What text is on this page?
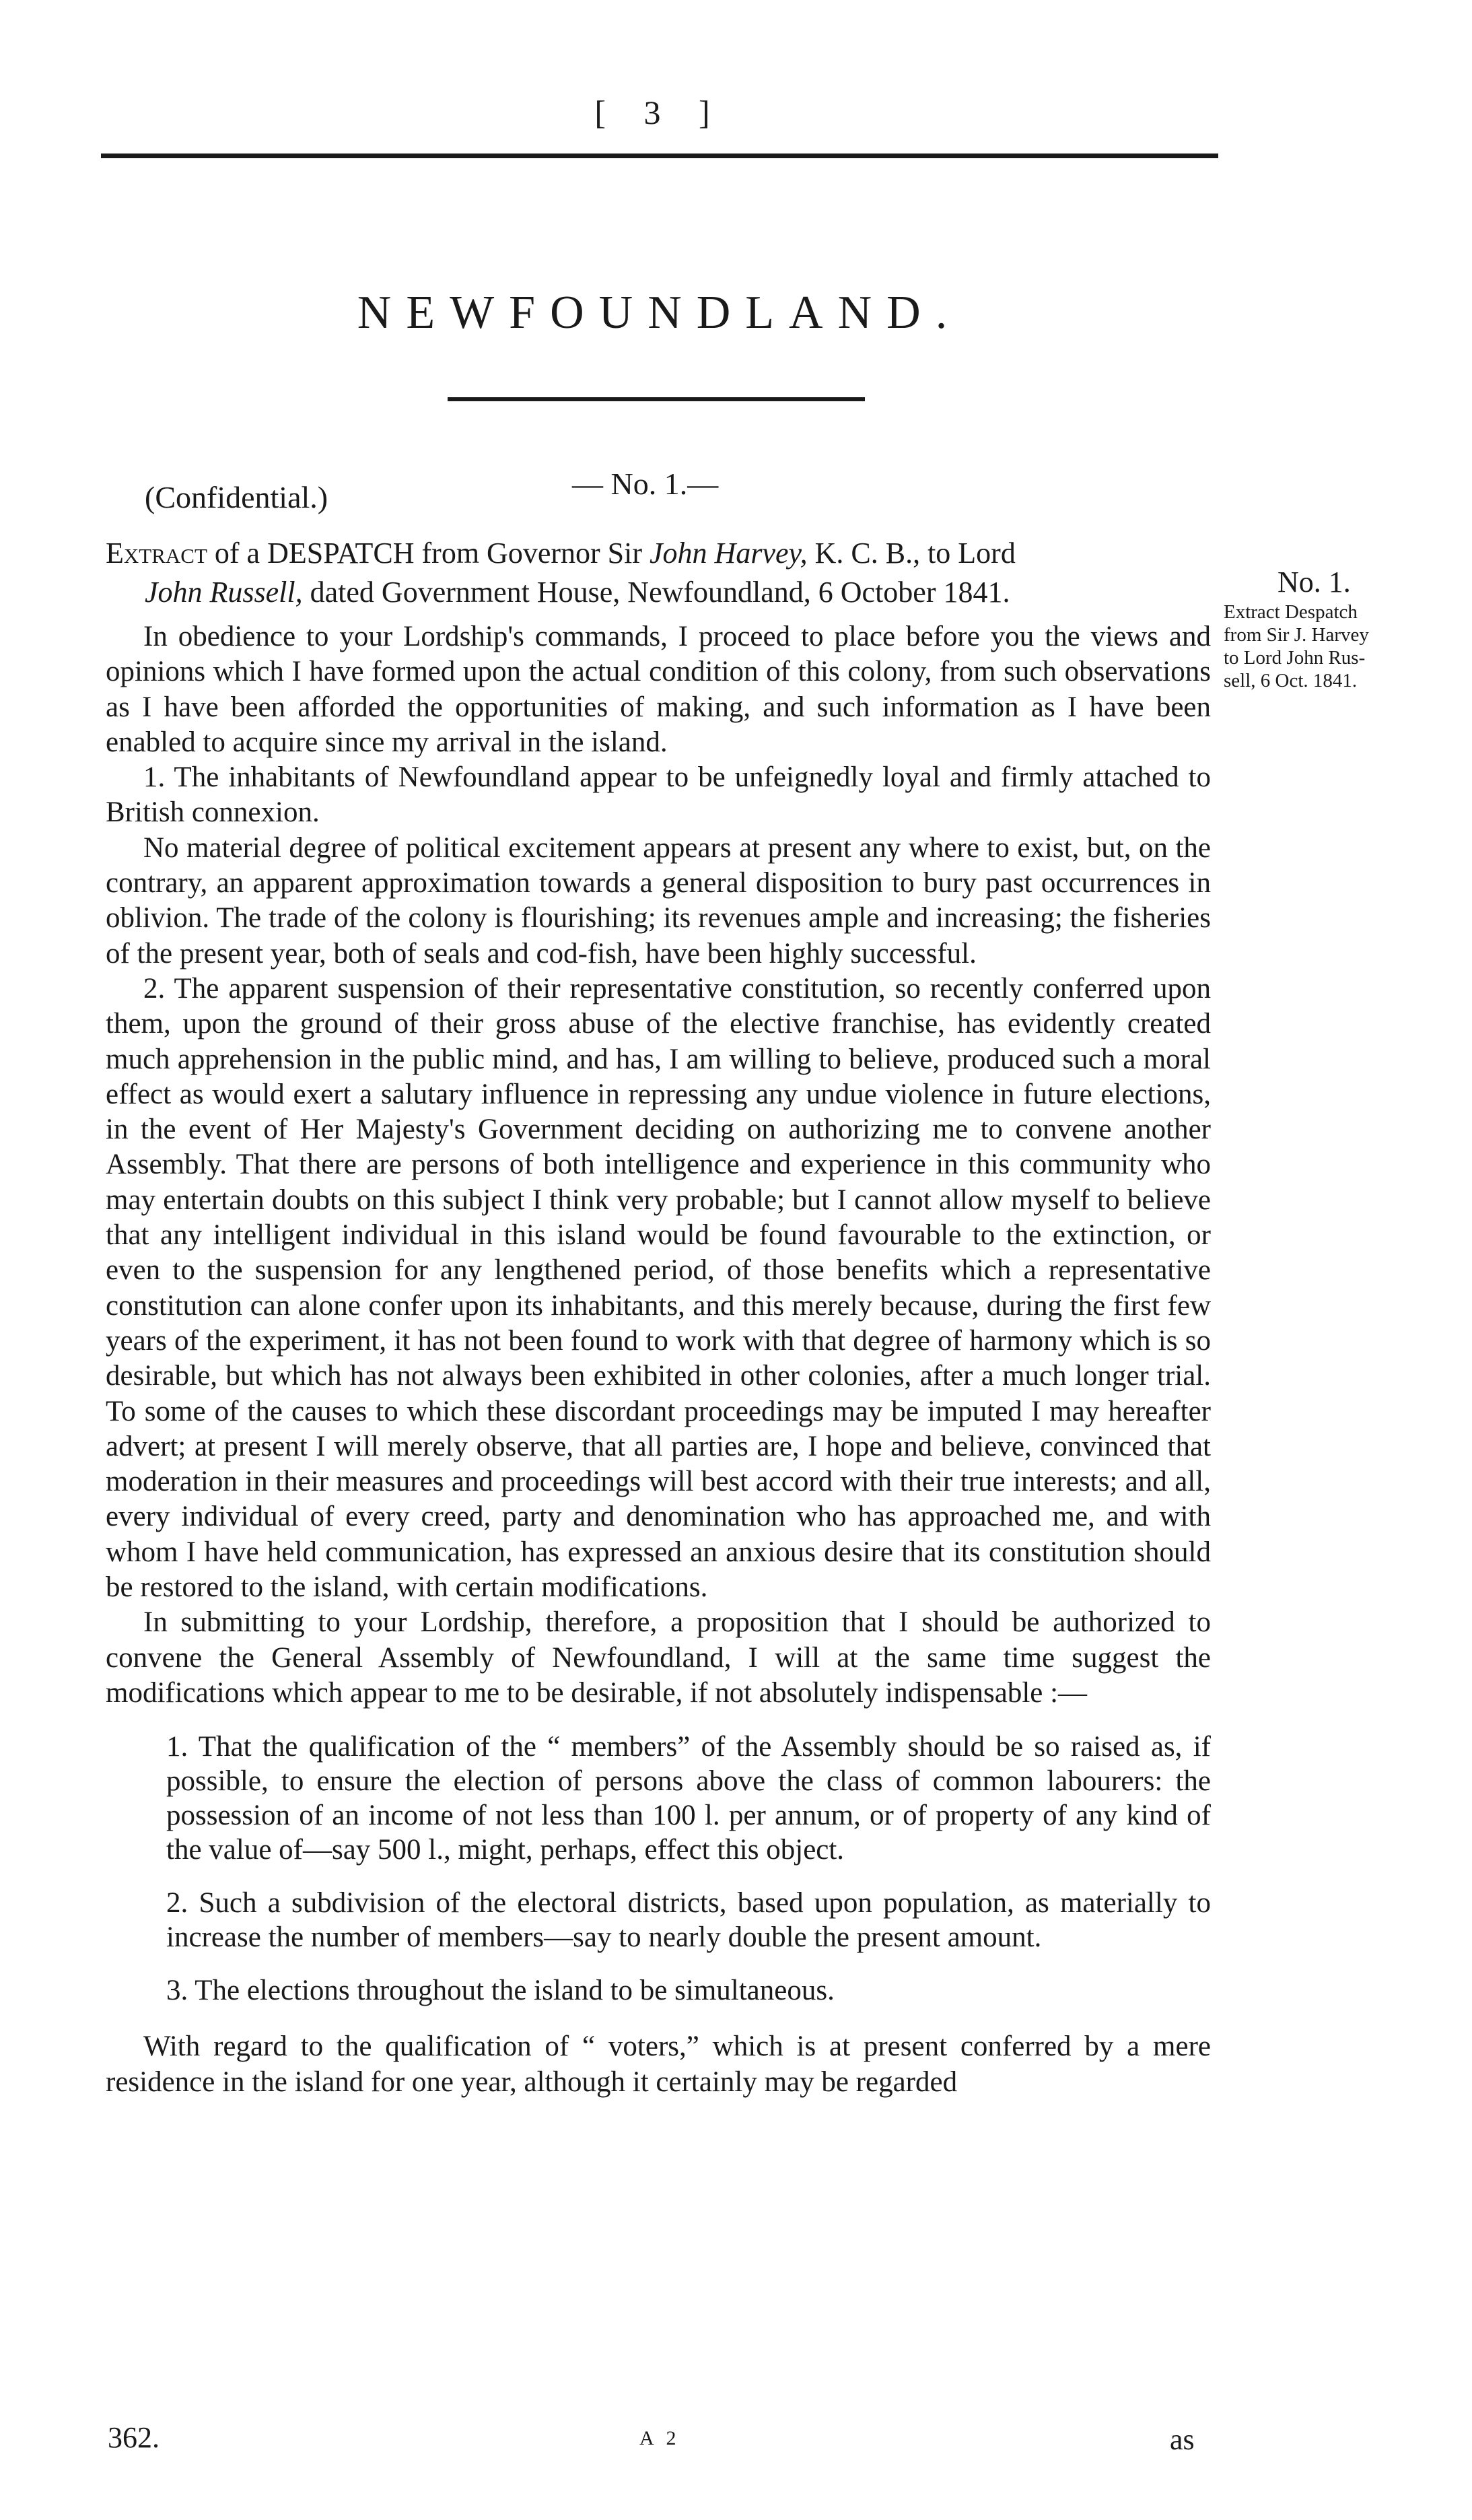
[ 3 ]
NEWFOUNDLAND.
(Confidential.)	— No. 1.—
Extract of a DESPATCH from Governor Sir John Harvey, K. C. B., to Lord
John Russell, dated Government House, Newfoundland, 6 October 1841.	No. 1.
Extract Despatch
from Sir J. Harvey
to Lord John Rus-
sell, 6 Oct. 1841.

In obedience to your Lordship's commands, I proceed to place before you the views and opinions which I have formed upon the actual condition of this colony, from such observations as I have been afforded the opportunities of making, and such information as I have been enabled to acquire since my arrival in the island.

1. The inhabitants of Newfoundland appear to be unfeignedly loyal and firmly attached to British connexion.

No material degree of political excitement appears at present any where to exist, but, on the contrary, an apparent approximation towards a general disposition to bury past occurrences in oblivion. The trade of the colony is flourishing; its revenues ample and increasing; the fisheries of the present year, both of seals and cod-fish, have been highly successful.

2. The apparent suspension of their representative constitution, so recently conferred upon them, upon the ground of their gross abuse of the elective franchise, has evidently created much apprehension in the public mind, and has, I am willing to believe, produced such a moral effect as would exert a salutary influence in repressing any undue violence in future elections, in the event of Her Majesty's Government deciding on authorizing me to convene another Assembly. That there are persons of both intelligence and experience in this community who may entertain doubts on this subject I think very probable; but I cannot allow myself to believe that any intelligent individual in this island would be found favourable to the extinction, or even to the suspension for any lengthened period, of those benefits which a representative constitution can alone confer upon its inhabitants, and this merely because, during the first few years of the experiment, it has not been found to work with that degree of harmony which is so desirable, but which has not always been exhibited in other colonies, after a much longer trial. To some of the causes to which these discordant proceedings may be imputed I may hereafter advert; at present I will merely observe, that all parties are, I hope and believe, convinced that moderation in their measures and proceedings will best accord with their true interests; and all, every individual of every creed, party and denomination who has approached me, and with whom I have held communication, has expressed an anxious desire that its constitution should be restored to the island, with certain modifications.

In submitting to your Lordship, therefore, a proposition that I should be authorized to convene the General Assembly of Newfoundland, I will at the same time suggest the modifications which appear to me to be desirable, if not absolutely indispensable :—

1. That the qualification of the “ members” of the Assembly should be so raised as, if possible, to ensure the election of persons above the class of common labourers: the possession of an income of not less than 100 l. per annum, or of property of any kind of the value of—say 500 l., might, perhaps, effect this object.

2. Such a subdivision of the electoral districts, based upon population, as materially to increase the number of members—say to nearly double the present amount.

3. The elections throughout the island to be simultaneous.

With regard to the qualification of “ voters,” which is at present conferred by a mere residence in the island for one year, although it certainly may be regarded

362.	A 2	as
